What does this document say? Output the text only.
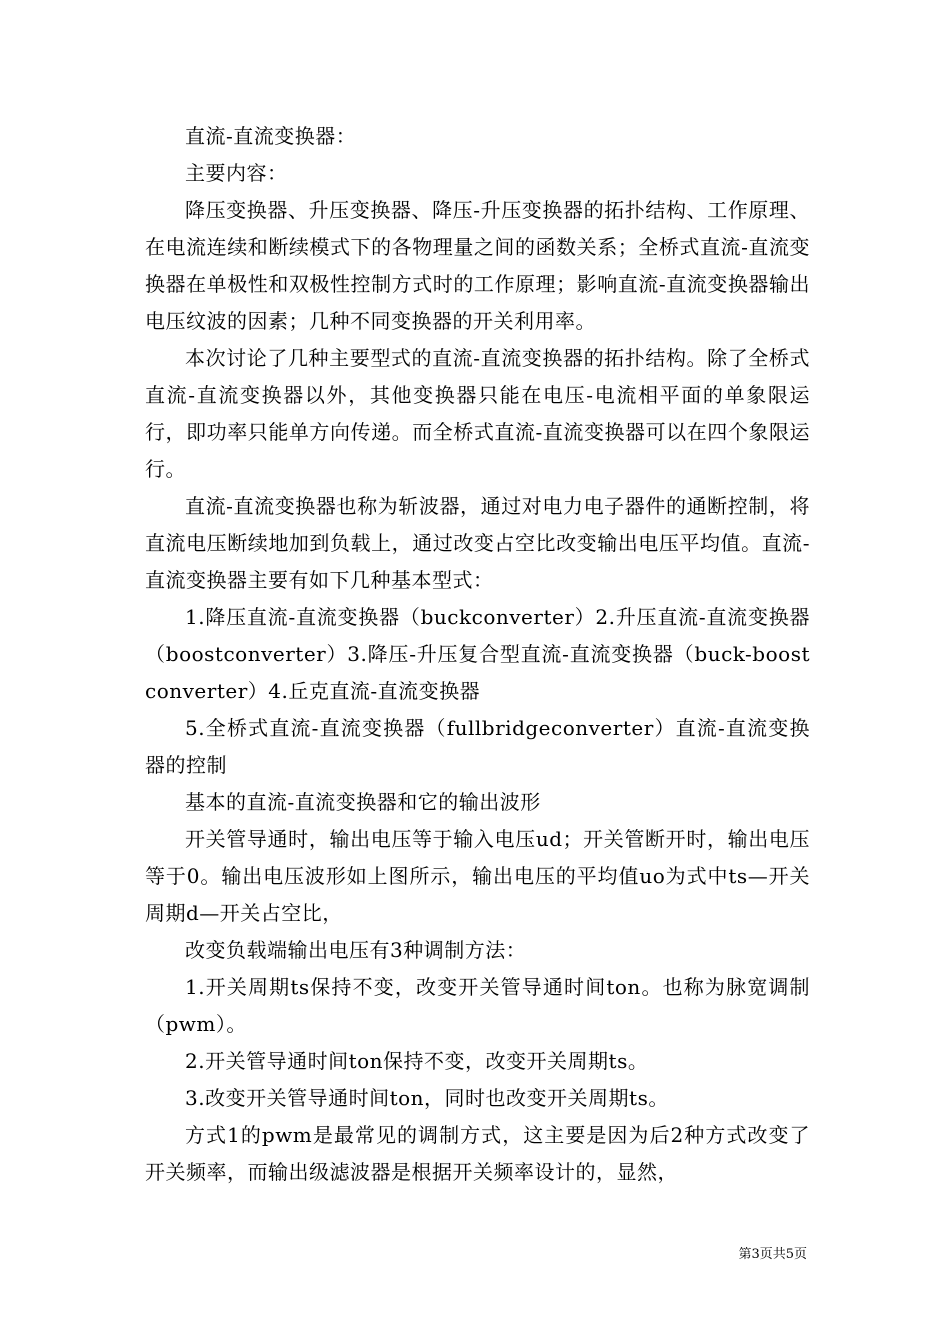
直流-直流变换器：

主要内容：

降压变换器、升压变换器、降压-升压变换器的拓扑结构、工作原理、在电流连续和断续模式下的各物理量之间的函数关系；全桥式直流-直流变换器在单极性和双极性控制方式时的工作原理；影响直流-直流变换器输出电压纹波的因素；几种不同变换器的开关利用率。

本次讨论了几种主要型式的直流-直流变换器的拓扑结构。除了全桥式直流-直流变换器以外，其他变换器只能在电压-电流相平面的单象限运行，即功率只能单方向传递。而全桥式直流-直流变换器可以在四个象限运行。

直流-直流变换器也称为斩波器，通过对电力电子器件的通断控制，将直流电压断续地加到负载上，通过改变占空比改变输出电压平均值。直流-直流变换器主要有如下几种基本型式：

1.降压直流-直流变换器（buckconverter）2.升压直流-直流变换器（boostconverter）3.降压-升压复合型直流-直流变换器（buck-boostconverter）4.丘克直流-直流变换器

5.全桥式直流-直流变换器（fullbridgeconverter）直流-直流变换器的控制

基本的直流-直流变换器和它的输出波形

开关管导通时，输出电压等于输入电压ud；开关管断开时，输出电压等于0。输出电压波形如上图所示，输出电压的平均值uo为式中ts—开关周期d—开关占空比，

改变负载端输出电压有3种调制方法：

1.开关周期ts保持不变，改变开关管导通时间ton。也称为脉宽调制（pwm）。

2.开关管导通时间ton保持不变，改变开关周期ts。

3.改变开关管导通时间ton，同时也改变开关周期ts。

方式1的pwm是最常见的调制方式，这主要是因为后2种方式改变了开关频率，而输出级滤波器是根据开关频率设计的，显然，

第3页共5页
